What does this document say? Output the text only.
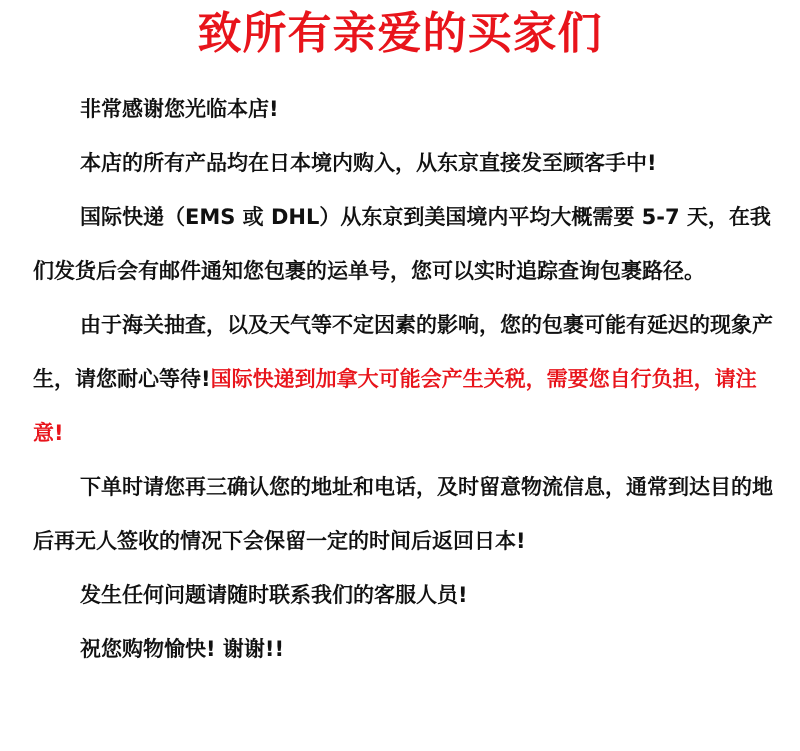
致所有亲爱的买家们

非常感谢您光临本店!

本店的所有产品均在日本境内购入，从东京直接发至顾客手中!

国际快递（EMS 或 DHL）从东京到美国境内平均大概需要 5-7 天，在我们发货后会有邮件通知您包裹的运单号，您可以实时追踪查询包裹路径。

由于海关抽查，以及天气等不定因素的影响，您的包裹可能有延迟的现象产生，请您耐心等待!国际快递到加拿大可能会产生关税，需要您自行负担，请注意!

下单时请您再三确认您的地址和电话，及时留意物流信息，通常到达目的地后再无人签收的情况下会保留一定的时间后返回日本!

发生任何问题请随时联系我们的客服人员!

祝您购物愉快! 谢谢!!
